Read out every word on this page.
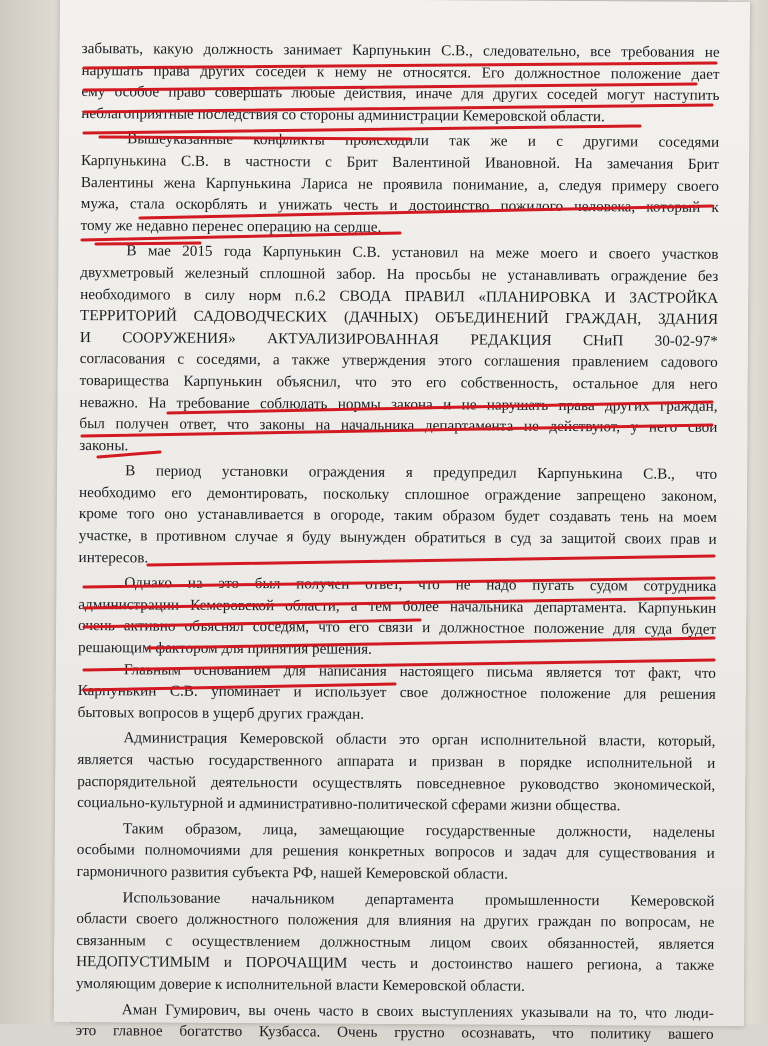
забывать, какую должность занимает Карпунькин С.В., следовательно, все требования не
нарушать права других соседей к нему не относятся. Его должностное положение дает
ему особое право совершать любые действия, иначе для других соседей могут наступить
неблагоприятные последствия со стороны администрации Кемеровской области.
Вышеуказанные конфликты происходили так же и с другими соседями
Карпунькина С.В. в частности с Брит Валентиной Ивановной. На замечания Брит
Валентины жена Карпунькина Лариса не проявила понимание, а, следуя примеру своего
мужа, стала оскорблять и унижать честь и достоинство пожилого человека, который к
тому же недавно перенес операцию на сердце.
В мае 2015 года Карпунькин С.В. установил на меже моего и своего участков
двухметровый железный сплошной забор. На просьбы не устанавливать ограждение без
необходимого в силу норм п.6.2 СВОДА ПРАВИЛ «ПЛАНИРОВКА И ЗАСТРОЙКА
ТЕРРИТОРИЙ САДОВОДЧЕСКИХ (ДАЧНЫХ) ОБЪЕДИНЕНИЙ ГРАЖДАН, ЗДАНИЯ
И СООРУЖЕНИЯ» АКТУАЛИЗИРОВАННАЯ РЕДАКЦИЯ СНиП 30-02-97*
согласования с соседями, а также утверждения этого соглашения правлением садового
товарищества Карпунькин объяснил, что это его собственность, остальное для него
неважно. На требование соблюдать нормы закона и не нарушать права других граждан,
был получен ответ, что законы на начальника департамента не действуют, у него свои
законы.
В период установки ограждения я предупредил Карпунькина С.В., что
необходимо его демонтировать, поскольку сплошное ограждение запрещено законом,
кроме того оно устанавливается в огороде, таким образом будет создавать тень на моем
участке, в противном случае я буду вынужден обратиться в суд за защитой своих прав и
интересов.
Однако на это был получен ответ, что не надо пугать судом сотрудника
администрации Кемеровской области, а тем более начальника департамента. Карпунькин
очень активно объяснял соседям, что его связи и должностное положение для суда будет
решающим фактором для принятия решения.
Главным основанием для написания настоящего письма является тот факт, что
Карпунькин С.В. упоминает и использует свое должностное положение для решения
бытовых вопросов в ущерб других граждан.
Администрация Кемеровской области это орган исполнительной власти, который,
является частью государственного аппарата и призван в порядке исполнительной и
распорядительной деятельности осуществлять повседневное руководство экономической,
социально-культурной и административно-политической сферами жизни общества.
Таким образом, лица, замещающие государственные должности, наделены
особыми полномочиями для решения конкретных вопросов и задач для существования и
гармоничного развития субъекта РФ, нашей Кемеровской области.
Использование начальником департамента промышленности Кемеровской
области своего должностного положения для влияния на других граждан по вопросам, не
связанным с осуществлением должностным лицом своих обязанностей, является
НЕДОПУСТИМЫМ и ПОРОЧАЩИМ честь и достоинство нашего региона, а также
умоляющим доверие к исполнительной власти Кемеровской области.
Аман Гумирович, вы очень часто в своих выступлениях указывали на то, что люди-
это главное богатство Кузбасса. Очень грустно осознавать, что политику вашего
